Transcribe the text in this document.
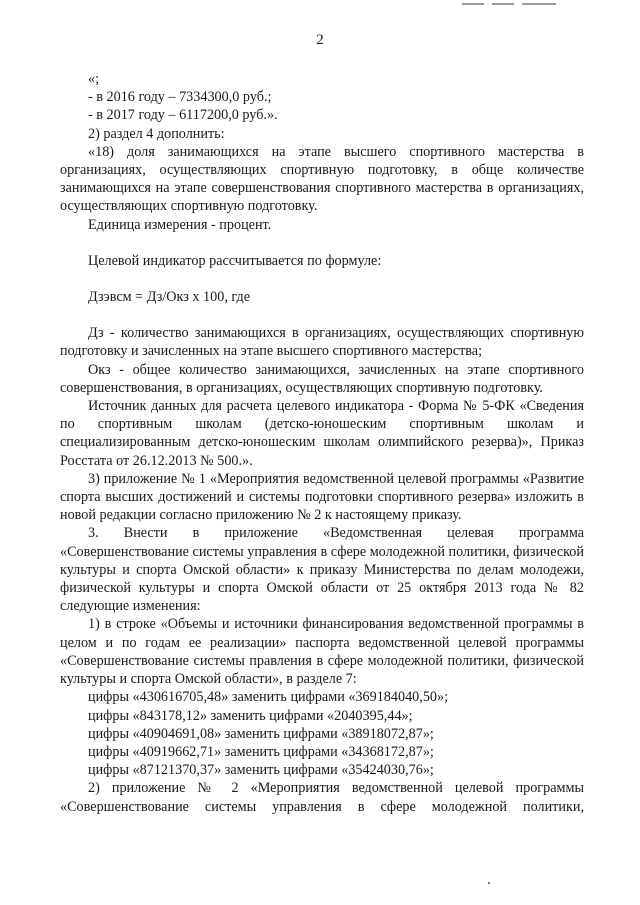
2

«;

- в 2016 году – 7334300,0 руб.;

- в 2017 году – 6117200,0 руб.».

2) раздел 4 дополнить:

«18) доля занимающихся на этапе высшего спортивного мастерства в организациях, осуществляющих спортивную подготовку, в обще количестве занимающихся на этапе совершенствования спортивного мастерства в организациях, осуществляющих спортивную подготовку.

Единица измерения - процент.

Целевой индикатор рассчитывается по формуле:

Дзэвсм = Дз/Окз х 100, где

Дз - количество занимающихся в организациях, осуществляющих спортивную подготовку и зачисленных на этапе высшего спортивного мастерства;

Окз - общее количество занимающихся, зачисленных на этапе спортивного совершенствования, в организациях, осуществляющих спортивную подготовку.

Источник данных для расчета целевого индикатора - Форма № 5-ФК «Сведения по спортивным школам (детско-юношеским спортивным школам и специализированным детско-юношеским школам олимпийского резерва)», Приказ Росстата от 26.12.2013 № 500.».

3) приложение № 1 «Мероприятия ведомственной целевой программы «Развитие спорта высших достижений и системы подготовки спортивного резерва» изложить в новой редакции согласно приложению № 2 к настоящему приказу.

3. Внести в приложение «Ведомственная целевая программа «Совершенствование системы управления в сфере молодежной политики, физической культуры и спорта Омской области» к приказу Министерства по делам молодежи, физической культуры и спорта Омской области от 25 октября 2013 года № 82 следующие изменения:

1) в строке «Объемы и источники финансирования ведомственной программы в целом и по годам ее реализации» паспорта ведомственной целевой программы «Совершенствование системы правления в сфере молодежной политики, физической культуры и спорта Омской области», в разделе 7:

цифры «430616705,48» заменить цифрами «369184040,50»;

цифры «843178,12» заменить цифрами «2040395,44»;

цифры «40904691,08» заменить цифрами «38918072,87»;

цифры «40919662,71» заменить цифрами «34368172,87»;

цифры «87121370,37» заменить цифрами «35424030,76»;

2) приложение № 2 «Мероприятия ведомственной целевой программы «Совершенствование системы управления в сфере молодежной политики,
